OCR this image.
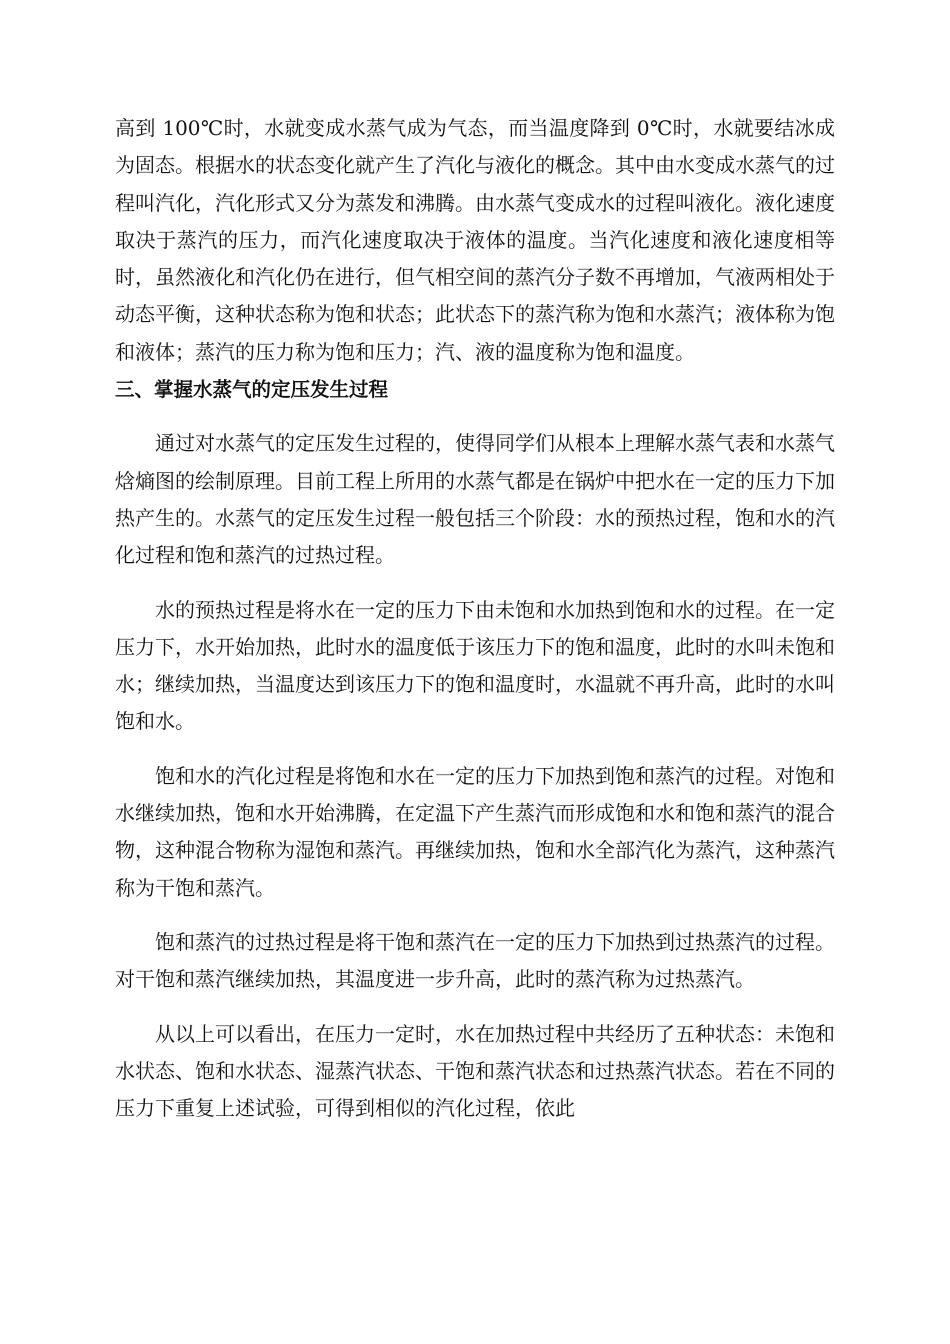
高到 100℃时，水就变成水蒸气成为气态，而当温度降到 0℃时，水就要结冰成为固态。根据水的状态变化就产生了汽化与液化的概念。其中由水变成水蒸气的过程叫汽化，汽化形式又分为蒸发和沸腾。由水蒸气变成水的过程叫液化。液化速度取决于蒸汽的压力，而汽化速度取决于液体的温度。当汽化速度和液化速度相等时，虽然液化和汽化仍在进行，但气相空间的蒸汽分子数不再增加，气液两相处于动态平衡，这种状态称为饱和状态；此状态下的蒸汽称为饱和水蒸汽；液体称为饱和液体；蒸汽的压力称为饱和压力；汽、液的温度称为饱和温度。

三、掌握水蒸气的定压发生过程

通过对水蒸气的定压发生过程的，使得同学们从根本上理解水蒸气表和水蒸气焓熵图的绘制原理。目前工程上所用的水蒸气都是在锅炉中把水在一定的压力下加热产生的。水蒸气的定压发生过程一般包括三个阶段：水的预热过程，饱和水的汽化过程和饱和蒸汽的过热过程。

水的预热过程是将水在一定的压力下由未饱和水加热到饱和水的过程。在一定压力下，水开始加热，此时水的温度低于该压力下的饱和温度，此时的水叫未饱和水；继续加热，当温度达到该压力下的饱和温度时，水温就不再升高，此时的水叫饱和水。

饱和水的汽化过程是将饱和水在一定的压力下加热到饱和蒸汽的过程。对饱和水继续加热，饱和水开始沸腾，在定温下产生蒸汽而形成饱和水和饱和蒸汽的混合物，这种混合物称为湿饱和蒸汽。再继续加热，饱和水全部汽化为蒸汽，这种蒸汽称为干饱和蒸汽。

饱和蒸汽的过热过程是将干饱和蒸汽在一定的压力下加热到过热蒸汽的过程。对干饱和蒸汽继续加热，其温度进一步升高，此时的蒸汽称为过热蒸汽。

从以上可以看出，在压力一定时，水在加热过程中共经历了五种状态：未饱和水状态、饱和水状态、湿蒸汽状态、干饱和蒸汽状态和过热蒸汽状态。若在不同的压力下重复上述试验，可得到相似的汽化过程，依此
